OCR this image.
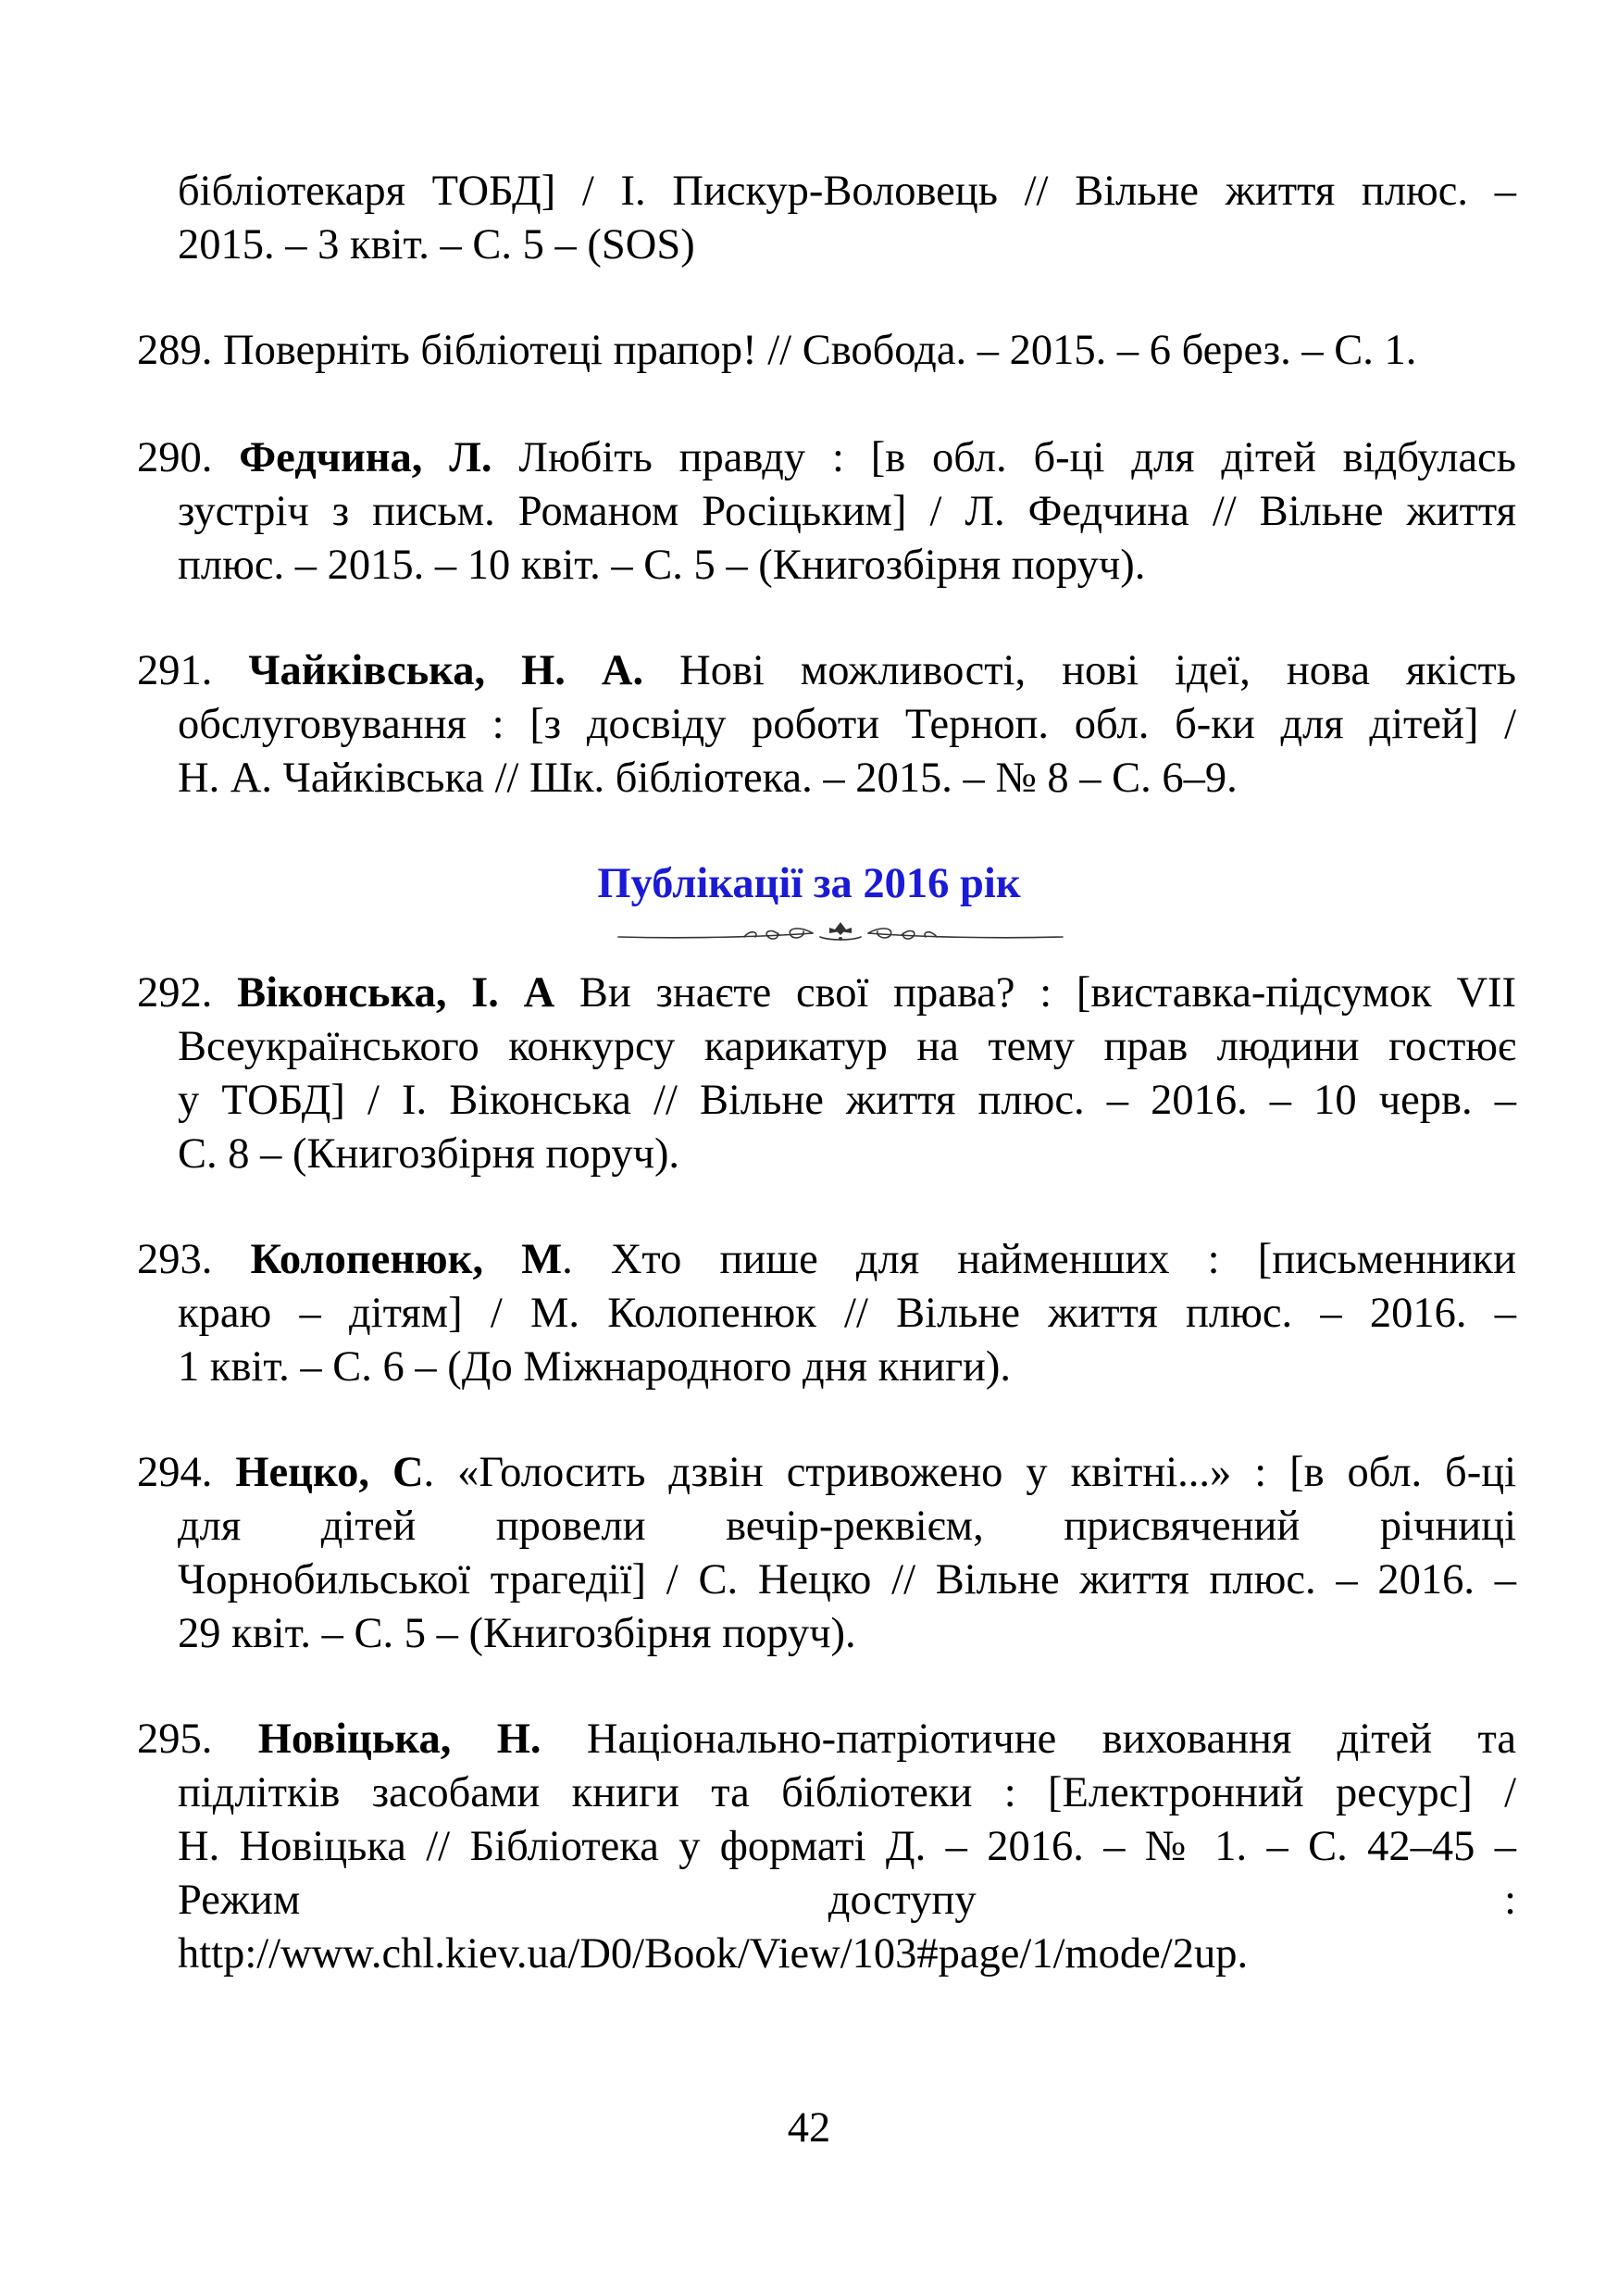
бібліотекаря ТОБД] / І. Пискур-Воловець // Вільне життя плюс. –
2015. – 3 квіт. – С. 5 – (SOS)
289. Поверніть бібліотеці прапор! // Свобода. – 2015. – 6 берез. – С. 1.
290. Федчина, Л. Любіть правду : [в обл. б-ці для дітей відбулась
зустріч з письм. Романом Росіцьким] / Л. Федчина // Вільне життя
плюс. – 2015. – 10 квіт. – С. 5 – (Книгозбірня поруч).
291. Чайківська, Н. А. Нові можливості, нові ідеї, нова якість
обслуговування : [з досвіду роботи Терноп. обл. б-ки для дітей] /
Н. А. Чайківська // Шк. бібліотека. – 2015. – № 8 – С. 6–9.
Публікації за 2016 рік
292. Віконська, І. А Ви знаєте свої права? : [виставка-підсумок VII
Всеукраїнського конкурсу карикатур на тему прав людини гостює
у ТОБД] / І. Віконська // Вільне життя плюс. – 2016. – 10 черв. –
С. 8 – (Книгозбірня поруч).
293. Колопенюк, М. Хто пише для найменших : [письменники
краю – дітям] / М. Колопенюк // Вільне життя плюс. – 2016. –
1 квіт. – С. 6 – (До Міжнародного дня книги).
294. Нецко, С. «Голосить дзвін стривожено у квітні...» : [в обл. б-ці
для дітей провели вечір-реквієм, присвячений річниці
Чорнобильської трагедії] / С. Нецко // Вільне життя плюс. – 2016. –
29 квіт. – С. 5 – (Книгозбірня поруч).
295. Новіцька, Н. Національно-патріотичне виховання дітей та
підлітків засобами книги та бібліотеки : [Електронний ресурс] /
Н. Новіцька // Бібліотека у форматі Д. – 2016. – № 1. – С. 42–45 –
Режим	доступу	:
http://www.chl.kiev.ua/D0/Book/View/103#page/1/mode/2up.
42
